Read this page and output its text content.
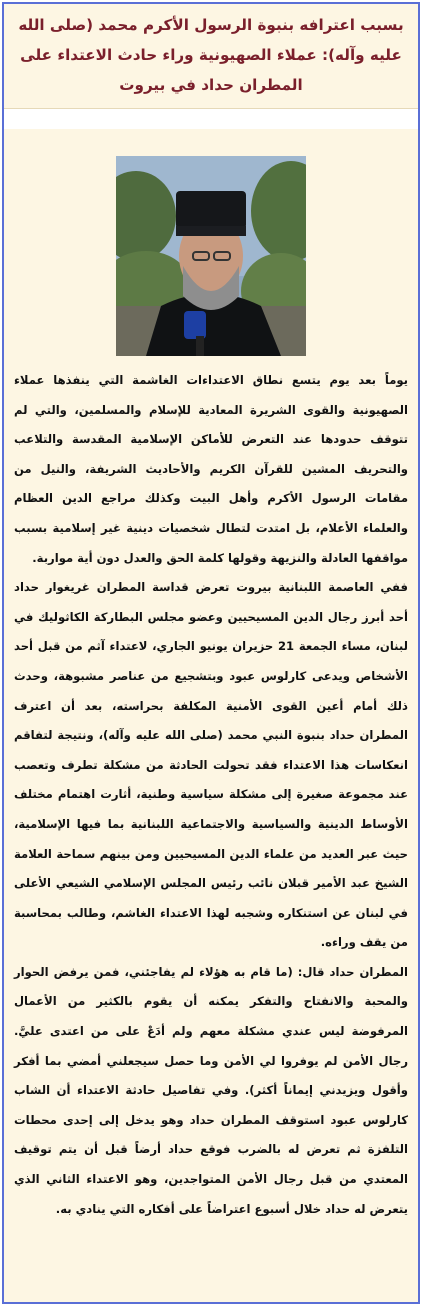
بسبب اعترافه بنبوة الرسول الأكرم محمد (صلى الله عليه وآله): عملاء الصهيونية وراء حادث الاعتداء على المطران حداد في بيروت

يوماً بعد يوم يتسع نطاق الاعتداءات الغاشمة التي ينفذها عملاء الصهيونية والقوى الشريرة المعادية للإسلام والمسلمين، والتي لم تتوقف حدودها عند التعرض للأماكن الإسلامية المقدسة والتلاعب والتحريف المشين للقرآن الكريم والأحاديث الشريفة، والنيل من مقامات الرسول الأكرم وأهل البيت وكذلك مراجع الدين العظام والعلماء الأعلام، بل امتدت لتطال شخصيات دينية غير إسلامية بسبب مواقفها العادلة والنزيهة وقولها كلمة الحق والعدل دون أية مواربة.

ففي العاصمة اللبنانية بيروت تعرض قداسة المطران غريغوار حداد أحد أبرز رجال الدين المسيحيين وعضو مجلس البطاركة الكاثوليك في لبنان، مساء الجمعة 21 حزيران يونيو الجاري، لاعتداء آثم من قبل أحد الأشخاص ويدعى كارلوس عبود وبتشجيع من عناصر مشبوهة، وحدث ذلك أمام أعين القوى الأمنية المكلفة بحراسته، بعد أن اعترف المطران حداد بنبوة النبي محمد (صلى الله عليه وآله)، ونتيجة لتفاقم انعكاسات هذا الاعتداء فقد تحولت الحادثة من مشكلة تطرف وتعصب عند مجموعة صغيرة إلى مشكلة سياسية وطنية، أثارت اهتمام مختلف الأوساط الدينية والسياسية والاجتماعية اللبنانية بما فيها الإسلامية، حيث عبر العديد من علماء الدين المسيحيين ومن بينهم سماحة العلامة الشيخ عبد الأمير قبلان نائب رئيس المجلس الإسلامي الشيعي الأعلى في لبنان عن استنكاره وشجبه لهذا الاعتداء الغاشم، وطالب بمحاسبة من يقف وراءه.

المطران حداد قال: (ما قام به هؤلاء لم يفاجئني، فمن يرفض الحوار والمحبة والانفتاح والتفكر يمكنه أن يقوم بالكثير من الأعمال المرفوضة ليس عندي مشكلة معهم ولم أدَعْ على من اعتدى عليَّ. رجال الأمن لم يوفروا لي الأمن وما حصل سيجعلني أمضي بما أفكر وأقول ويزيدني إيماناً أكثر). وفي تفاصيل حادثة الاعتداء أن الشاب كارلوس عبود استوقف المطران حداد وهو يدخل إلى إحدى محطات التلفزة ثم تعرض له بالضرب فوقع حداد أرضاً قبل أن يتم توقيف المعتدي من قبل رجال الأمن المتواجدين، وهو الاعتداء الثاني الذي يتعرض له حداد خلال أسبوع اعتراضاً على أفكاره التي ينادي به.
